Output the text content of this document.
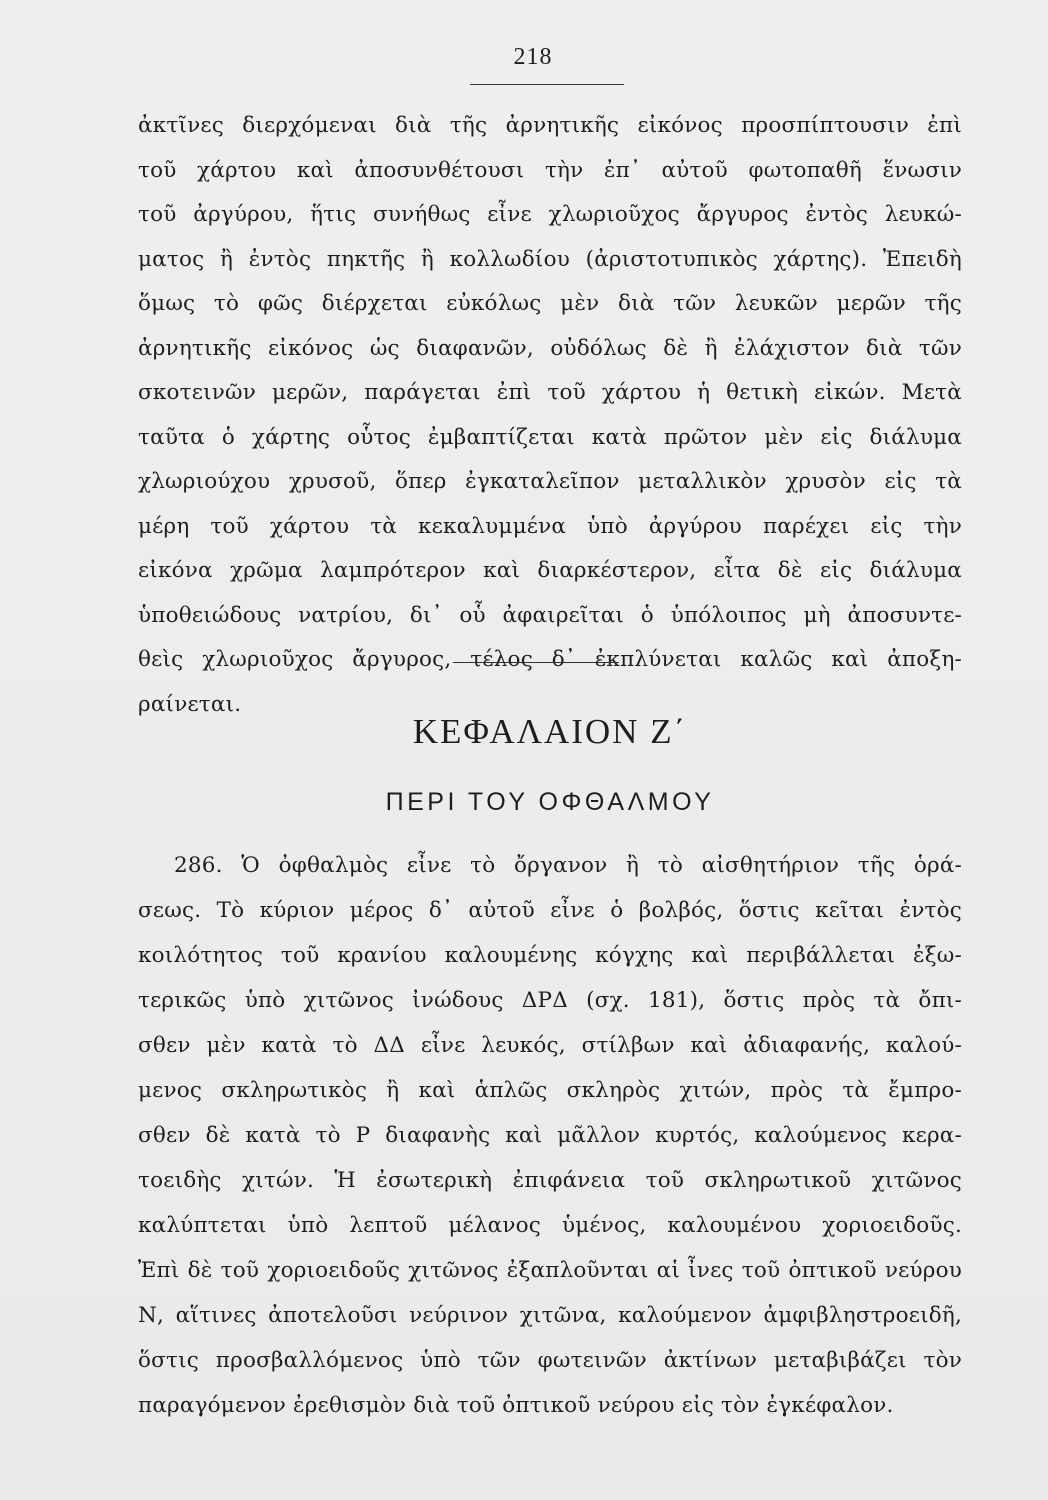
218
ἀκτῖνες διερχόμεναι διὰ τῆς ἀρνητικῆς εἰκόνος προσπίπτουσιν ἐπὶ
τοῦ χάρτου καὶ ἀποσυνθέτουσι τὴν ἐπ᾽ αὐτοῦ φωτοπαθῆ ἕνωσιν
τοῦ ἀργύρου, ἥτις συνήθως εἶνε χλωριοῦχος ἄργυρος ἐντὸς λευκώ-
ματος ἢ ἐντὸς πηκτῆς ἢ κολλωδίου (ἀριστοτυπικὸς χάρτης). Ἐπειδὴ
ὅμως τὸ φῶς διέρχεται εὐκόλως μὲν διὰ τῶν λευκῶν μερῶν τῆς
ἀρνητικῆς εἰκόνος ὡς διαφανῶν, οὐδόλως δὲ ἢ ἐλάχιστον διὰ τῶν
σκοτεινῶν μερῶν, παράγεται ἐπὶ τοῦ χάρτου ἡ θετικὴ εἰκών. Μετὰ
ταῦτα ὁ χάρτης οὗτος ἐμβαπτίζεται κατὰ πρῶτον μὲν εἰς διάλυμα
χλωριούχου χρυσοῦ, ὅπερ ἐγκαταλεῖπον μεταλλικὸν χρυσὸν εἰς τὰ
μέρη τοῦ χάρτου τὰ κεκαλυμμένα ὑπὸ ἀργύρου παρέχει εἰς τὴν
εἰκόνα χρῶμα λαμπρότερον καὶ διαρκέστερον, εἶτα δὲ εἰς διάλυμα
ὑποθειώδους νατρίου, δι᾽ οὗ ἀφαιρεῖται ὁ ὑπόλοιπος μὴ ἀποσυντε-
θεὶς χλωριοῦχος ἄργυρος, τέλος δ᾽ ἐκπλύνεται καλῶς καὶ ἀποξη-
ραίνεται.
ΚΕΦΑΛΑΙΟΝ Ζ΄
ΠΕΡΙ ΤΟΥ ΟΦΘΑΛΜΟΥ
286. Ὁ ὀφθαλμὸς εἶνε τὸ ὄργανον ἢ τὸ αἰσθητήριον τῆς ὁρά-
σεως. Τὸ κύριον μέρος δ᾽ αὐτοῦ εἶνε ὁ βολβός, ὅστις κεῖται ἐντὸς
κοιλότητος τοῦ κρανίου καλουμένης κόγχης καὶ περιβάλλεται ἐξω-
τερικῶς ὑπὸ χιτῶνος ἰνώδους ΔΡΔ (σχ. 181), ὅστις πρὸς τὰ ὄπι-
σθεν μὲν κατὰ τὸ ΔΔ εἶνε λευκός, στίλβων καὶ ἀδιαφανής, καλού-
μενος σκληρωτικὸς ἢ καὶ ἁπλῶς σκληρὸς χιτών, πρὸς τὰ ἔμπρο-
σθεν δὲ κατὰ τὸ Ρ διαφανὴς καὶ μᾶλλον κυρτός, καλούμενος κερα-
τοειδὴς χιτών. Ἡ ἐσωτερικὴ ἐπιφάνεια τοῦ σκληρωτικοῦ χιτῶνος
καλύπτεται ὑπὸ λεπτοῦ μέλανος ὑμένος, καλουμένου χοριοειδοῦς.
Ἐπὶ δὲ τοῦ χοριοειδοῦς χιτῶνος ἐξαπλοῦνται αἱ ἶνες τοῦ ὀπτικοῦ νεύρου
Ν, αἵτινες ἀποτελοῦσι νεύρινον χιτῶνα, καλούμενον ἀμφιβληστροειδῆ,
ὅστις προσβαλλόμενος ὑπὸ τῶν φωτεινῶν ἀκτίνων μεταβιβάζει τὸν
παραγόμενον ἐρεθισμὸν διὰ τοῦ ὀπτικοῦ νεύρου εἰς τὸν ἐγκέφαλον.
